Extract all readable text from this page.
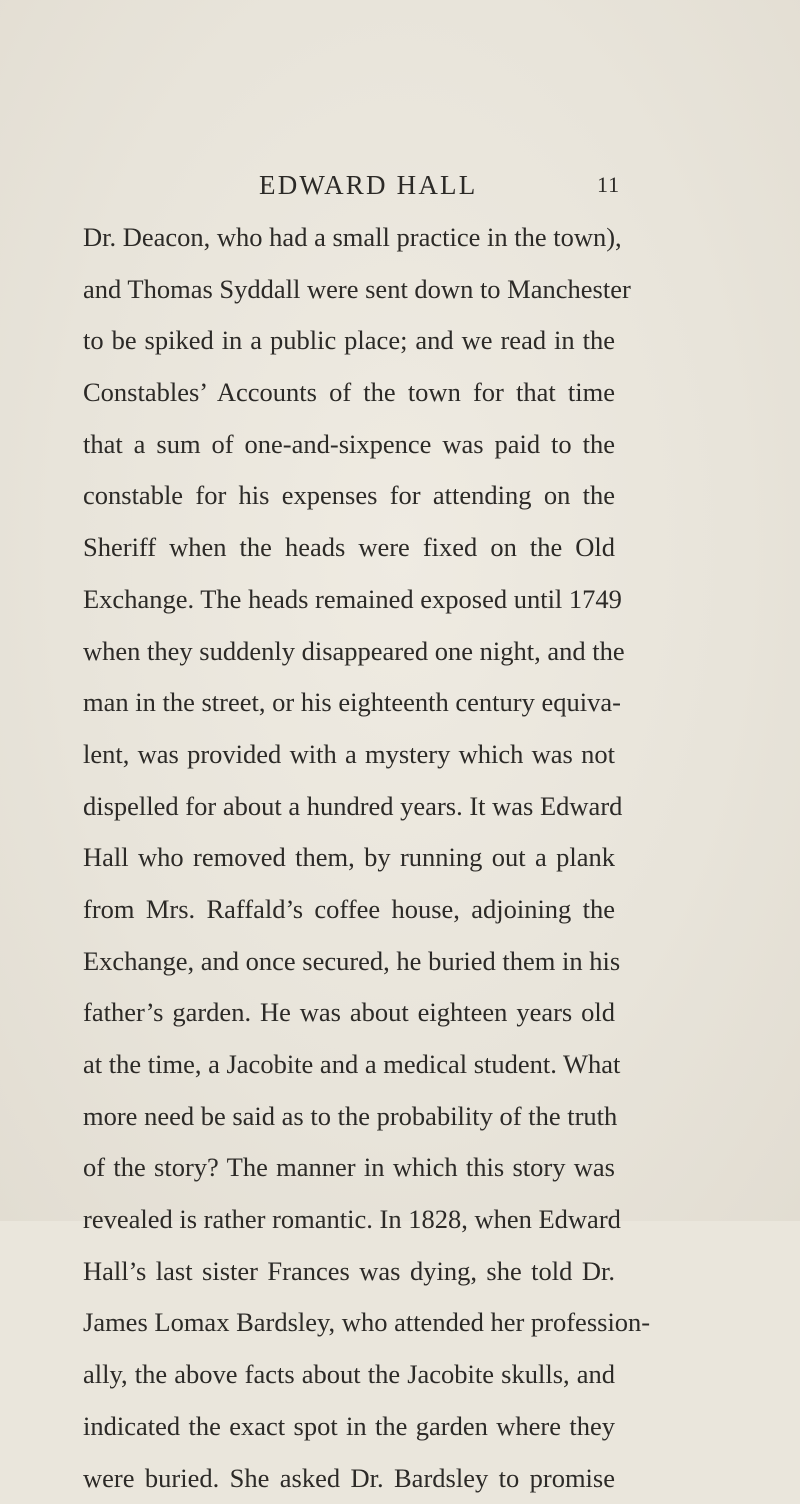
EDWARD HALL	11
Dr. Deacon, who had a small practice in the town),
and Thomas Syddall were sent down to Manchester
to be spiked in a public place; and we read in the
Constables’ Accounts of the town for that time
that a sum of one-and-sixpence was paid to the
constable for his expenses for attending on the
Sheriff when the heads were fixed on the Old
Exchange. The heads remained exposed until 1749
when they suddenly disappeared one night, and the
man in the street, or his eighteenth century equiva-
lent, was provided with a mystery which was not
dispelled for about a hundred years. It was Edward
Hall who removed them, by running out a plank
from Mrs. Raffald’s coffee house, adjoining the
Exchange, and once secured, he buried them in his
father’s garden. He was about eighteen years old
at the time, a Jacobite and a medical student. What
more need be said as to the probability of the truth
of the story? The manner in which this story was
revealed is rather romantic. In 1828, when Edward
Hall’s last sister Frances was dying, she told Dr.
James Lomax Bardsley, who attended her profession-
ally, the above facts about the Jacobite skulls, and
indicated the exact spot in the garden where they
were buried. She asked Dr. Bardsley to promise
